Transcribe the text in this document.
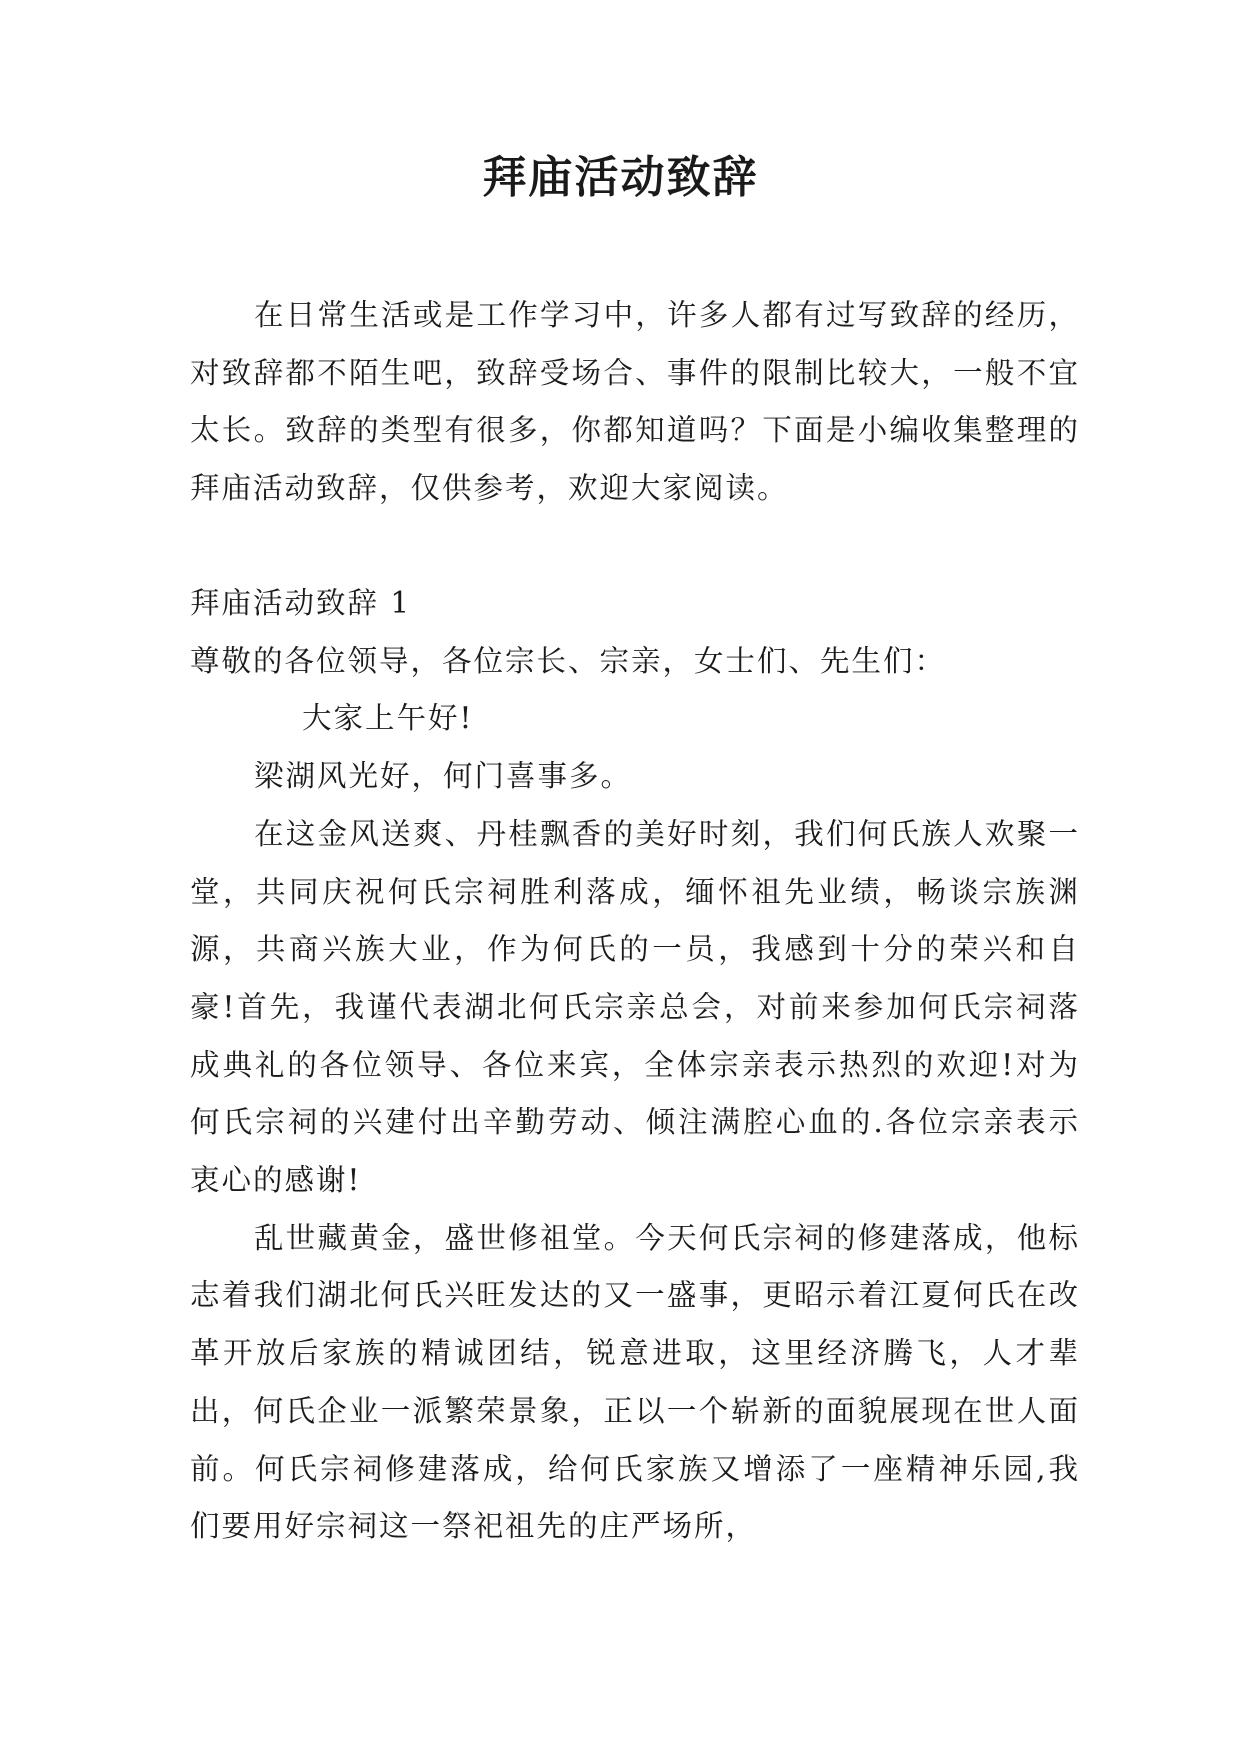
拜庙活动致辞

在日常生活或是工作学习中，许多人都有过写致辞的经历，对致辞都不陌生吧，致辞受场合、事件的限制比较大，一般不宜太长。致辞的类型有很多，你都知道吗？下面是小编收集整理的拜庙活动致辞，仅供参考，欢迎大家阅读。

拜庙活动致辞 1

尊敬的各位领导，各位宗长、宗亲，女士们、先生们：

大家上午好!

梁湖风光好，何门喜事多。

在这金风送爽、丹桂飘香的美好时刻，我们何氏族人欢聚一堂，共同庆祝何氏宗祠胜利落成，缅怀祖先业绩，畅谈宗族渊源，共商兴族大业，作为何氏的一员，我感到十分的荣兴和自豪!首先，我谨代表湖北何氏宗亲总会，对前来参加何氏宗祠落成典礼的各位领导、各位来宾，全体宗亲表示热烈的欢迎!对为何氏宗祠的兴建付出辛勤劳动、倾注满腔心血的.各位宗亲表示衷心的感谢!

乱世藏黄金，盛世修祖堂。今天何氏宗祠的修建落成，他标志着我们湖北何氏兴旺发达的又一盛事，更昭示着江夏何氏在改革开放后家族的精诚团结，锐意进取，这里经济腾飞，人才辈出，何氏企业一派繁荣景象，正以一个崭新的面貌展现在世人面前。何氏宗祠修建落成，给何氏家族又增添了一座精神乐园,我们要用好宗祠这一祭祀祖先的庄严场所，
